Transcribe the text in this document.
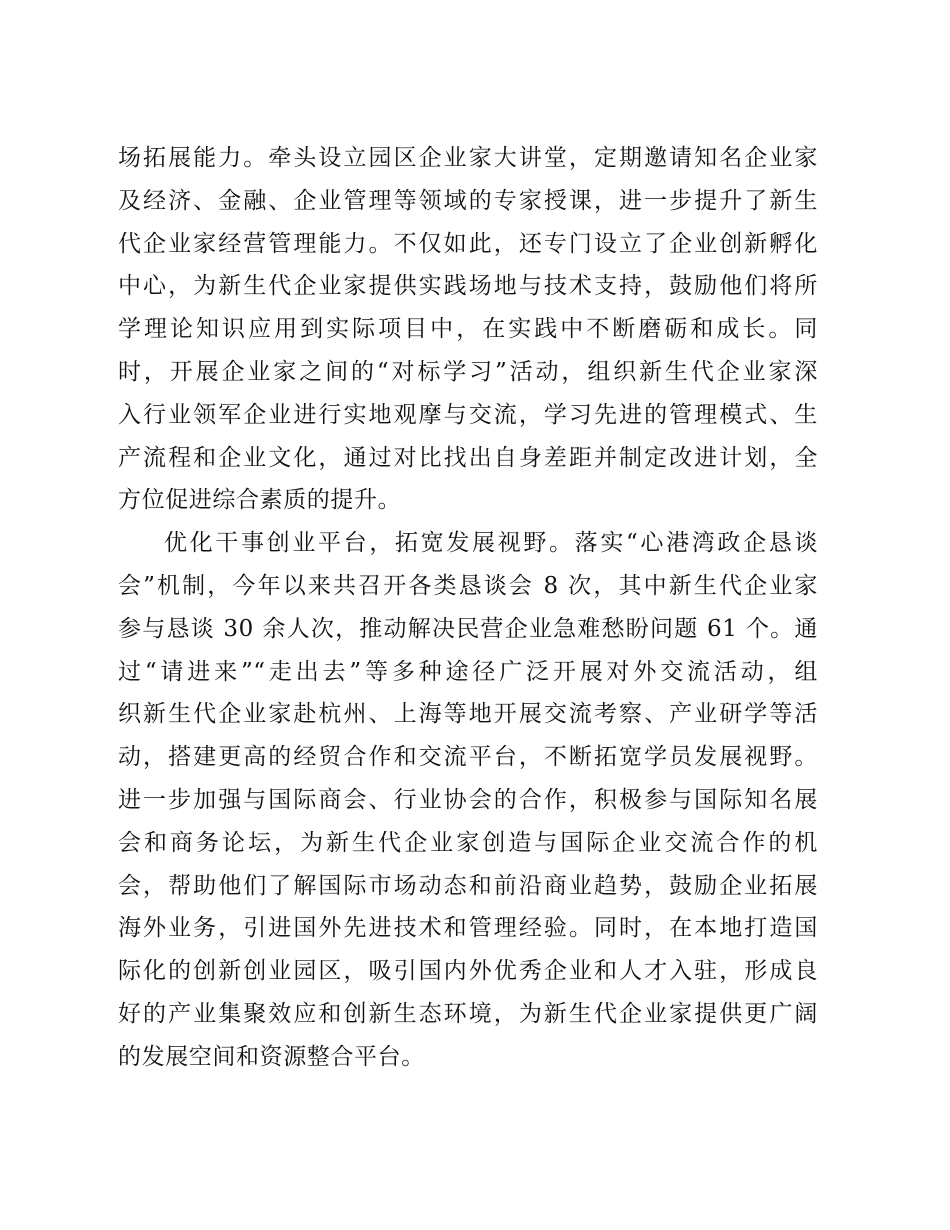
场拓展能力。牵头设立园区企业家大讲堂，定期邀请知名企业家
及经济、金融、企业管理等领域的专家授课，进一步提升了新生
代企业家经营管理能力。不仅如此，还专门设立了企业创新孵化
中心，为新生代企业家提供实践场地与技术支持，鼓励他们将所
学理论知识应用到实际项目中，在实践中不断磨砺和成长。同
时，开展企业家之间的“对标学习”活动，组织新生代企业家深
入行业领军企业进行实地观摩与交流，学习先进的管理模式、生
产流程和企业文化，通过对比找出自身差距并制定改进计划，全
方位促进综合素质的提升。
优化干事创业平台，拓宽发展视野。落实“心港湾政企恳谈
会”机制，今年以来共召开各类恳谈会 8 次，其中新生代企业家
参与恳谈 30 余人次，推动解决民营企业急难愁盼问题 61 个。通
过“请进来”“走出去”等多种途径广泛开展对外交流活动，组
织新生代企业家赴杭州、上海等地开展交流考察、产业研学等活
动，搭建更高的经贸合作和交流平台，不断拓宽学员发展视野。
进一步加强与国际商会、行业协会的合作，积极参与国际知名展
会和商务论坛，为新生代企业家创造与国际企业交流合作的机
会，帮助他们了解国际市场动态和前沿商业趋势，鼓励企业拓展
海外业务，引进国外先进技术和管理经验。同时，在本地打造国
际化的创新创业园区，吸引国内外优秀企业和人才入驻，形成良
好的产业集聚效应和创新生态环境，为新生代企业家提供更广阔
的发展空间和资源整合平台。
